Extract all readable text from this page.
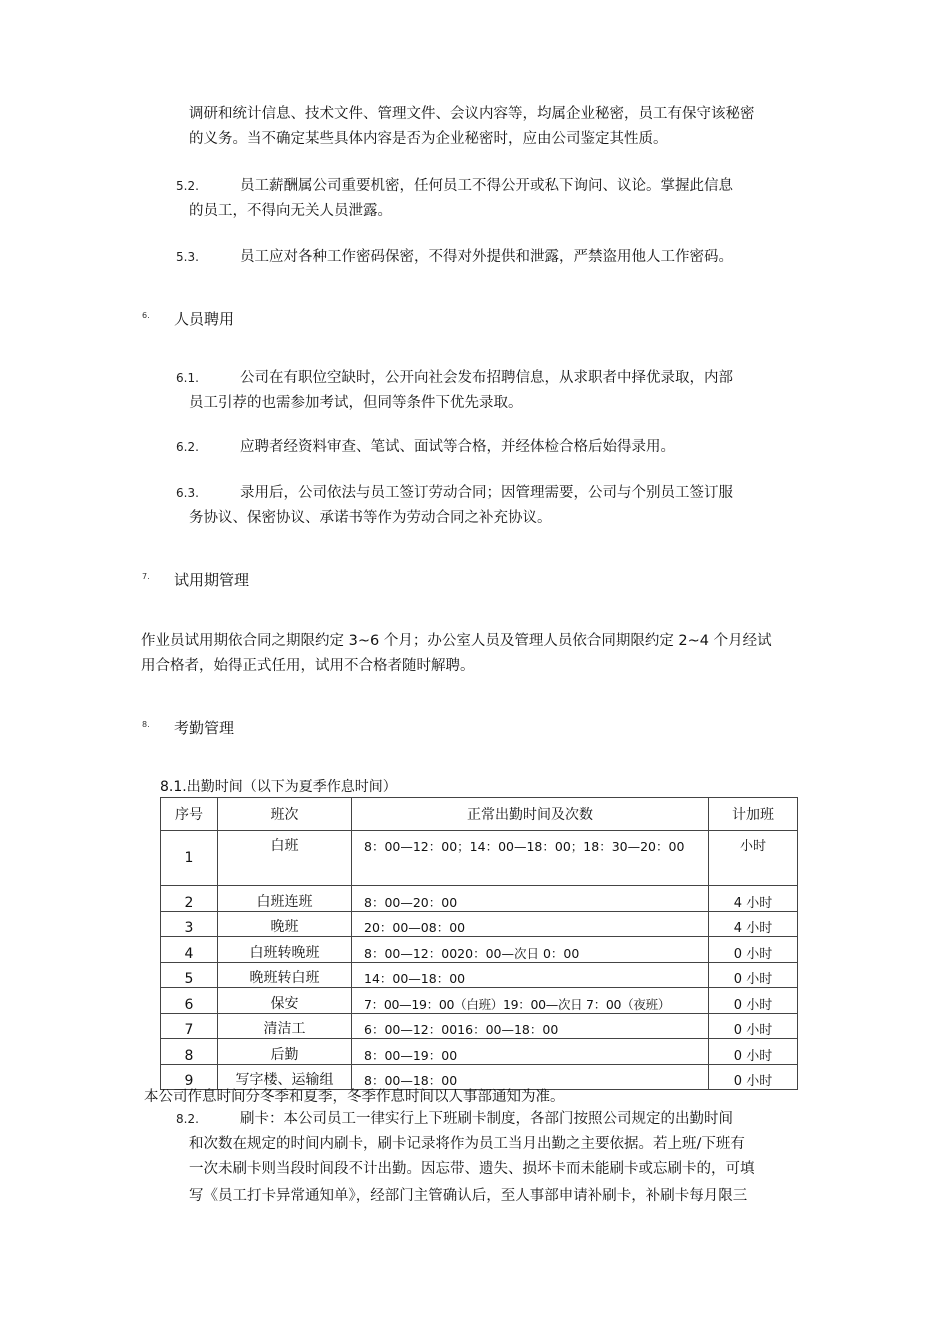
调研和统计信息、技术文件、管理文件、会议内容等，均属企业秘密，员工有保守该秘密
的义务。当不确定某些具体内容是否为企业秘密时，应由公司鉴定其性质。
5.2.	员工薪酬属公司重要机密，任何员工不得公开或私下询问、议论。掌握此信息
的员工，不得向无关人员泄露。
5.3.	员工应对各种工作密码保密，不得对外提供和泄露，严禁盗用他人工作密码。
6. 人员聘用
6.1.	公司在有职位空缺时，公开向社会发布招聘信息，从求职者中择优录取，内部
员工引荐的也需参加考试，但同等条件下优先录取。
6.2.	应聘者经资料审查、笔试、面试等合格，并经体检合格后始得录用。
6.3.	录用后，公司依法与员工签订劳动合同；因管理需要，公司与个别员工签订服
务协议、保密协议、承诺书等作为劳动合同之补充协议。
7. 试用期管理
作业员试用期依合同之期限约定 3~6 个月；办公室人员及管理人员依合同期限约定 2~4 个月经试
用合格者，始得正式任用，试用不合格者随时解聘。
8. 考勤管理
8.1.出勤时间（以下为夏季作息时间）
序号	班次	正常出勤时间及次数	计加班
1	白班	8：00—12：00；14：00—18：00；18：30—20：00	小时
2	白班连班	8：00—20：00	4 小时
3	晚班	20：00—08：00	4 小时
4	白班转晚班	8：00—12：0020：00—次日 0：00	0 小时
5	晚班转白班	14：00—18：00	0 小时
6	保安	7：00—19：00（白班）19：00—次日 7：00（夜班）	0 小时
7	清洁工	6：00—12：0016：00—18：00	0 小时
8	后勤	8：00—19：00	0 小时
9	写字楼、运输组	8：00—18：00	0 小时
本公司作息时间分冬季和夏季，冬季作息时间以人事部通知为准。
8.2.	刷卡：本公司员工一律实行上下班刷卡制度，各部门按照公司规定的出勤时间
和次数在规定的时间内刷卡，刷卡记录将作为员工当月出勤之主要依据。若上班/下班有
一次未刷卡则当段时间段不计出勤。因忘带、遗失、损坏卡而未能刷卡或忘刷卡的，可填
写《员工打卡异常通知单》，经部门主管确认后，至人事部申请补刷卡，补刷卡每月限三
